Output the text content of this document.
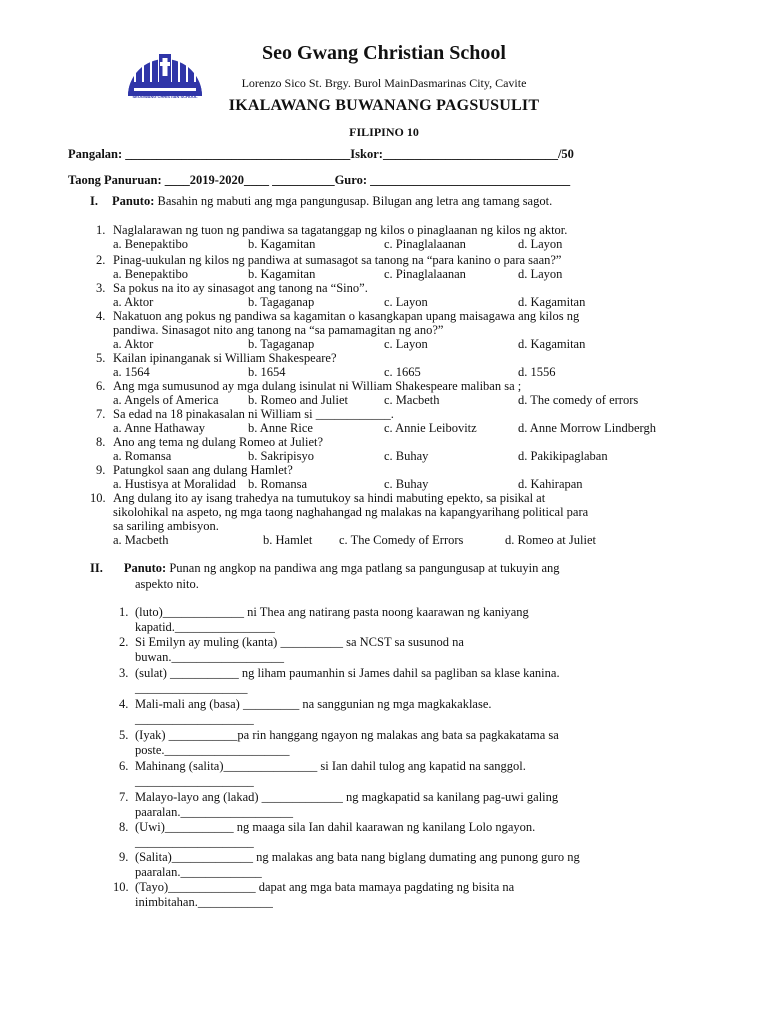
SEOGWANG CHRISTIAN SCHOOL
Seo Gwang Christian School
Lorenzo Sico St. Brgy. Burol MainDasmarinas City, Cavite
IKALAWANG BUWANANG PAGSUSULIT
FILIPINO 10
Pangalan: ____________________________________Iskor:____________________________/50
Taong Panuruan: ____2019-2020____ __________Guro: ________________________________
I. Panuto: Basahin ng mabuti ang mga pangungusap. Bilugan ang letra ang tamang sagot.
1. Naglalarawan ng tuon ng pandiwa sa tagatanggap ng kilos o pinaglaanan ng kilos ng aktor.
a. Benepaktibo	b. Kagamitan	c. Pinaglalaanan	d. Layon
2. Pinag-uukulan ng kilos ng pandiwa at sumasagot sa tanong na “para kanino o para saan?”
a. Benepaktibo	b. Kagamitan	c. Pinaglalaanan	d. Layon
3. Sa pokus na ito ay sinasagot ang tanong na “Sino”.
a. Aktor	b. Tagaganap	c. Layon	d. Kagamitan
4. Nakatuon ang pokus ng pandiwa sa kagamitan o kasangkapan upang maisagawa ang kilos ng
pandiwa. Sinasagot nito ang tanong na “sa pamamagitan ng ano?”
a. Aktor	b. Tagaganap	c. Layon	d. Kagamitan
5. Kailan ipinanganak si William Shakespeare?
a. 1564	b. 1654	c. 1665	d. 1556
6. Ang mga sumusunod ay mga dulang isinulat ni William Shakespeare maliban sa ;
a. Angels of America b. Romeo and Juliet	c. Macbeth	d. The comedy of errors
7. Sa edad na 18 pinakasalan ni William si ____________.
a. Anne Hathaway	b. Anne Rice	c. Annie Leibovitz	d. Anne Morrow Lindbergh
8. Ano ang tema ng dulang Romeo at Juliet?
a. Romansa	b. Sakripisyo	c. Buhay	d. Pakikipaglaban
9. Patungkol saan ang dulang Hamlet?
a. Hustisya at Moralidad b. Romansa	c. Buhay	d. Kahirapan
10. Ang dulang ito ay isang trahedya na tumutukoy sa hindi mabuting epekto, sa pisikal at
sikolohikal na aspeto, ng mga taong naghahangad ng malakas na kapangyarihang political para
sa sariling ambisyon.
a. Macbeth	b. Hamlet c. The Comedy of Errors	d. Romeo at Juliet
II. Panuto: Punan ng angkop na pandiwa ang mga patlang sa pangungusap at tukuyin ang
aspekto nito.
1. (luto)_____________ ni Thea ang natirang pasta noong kaarawan ng kaniyang
kapatid.________________
2. Si Emilyn ay muling (kanta) __________ sa NCST sa susunod na
buwan.__________________
3. (sulat) ___________ ng liham paumanhin si James dahil sa pagliban sa klase kanina.
__________________
4. Mali-mali ang (basa) _________ na sanggunian ng mga magkakaklase.
___________________
5. (Iyak) ___________pa rin hanggang ngayon ng malakas ang bata sa pagkakatama sa
poste.____________________
6. Mahinang (salita)_______________ si Ian dahil tulog ang kapatid na sanggol.
___________________
7. Malayo-layo ang (lakad) _____________ ng magkapatid sa kanilang pag-uwi galing
paaralan.__________________
8. (Uwi)___________ ng maaga sila Ian dahil kaarawan ng kanilang Lolo ngayon.
___________________
9. (Salita)_____________ ng malakas ang bata nang biglang dumating ang punong guro ng
paaralan._____________
10. (Tayo)______________ dapat ang mga bata mamaya pagdating ng bisita na
inimbitahan.____________
